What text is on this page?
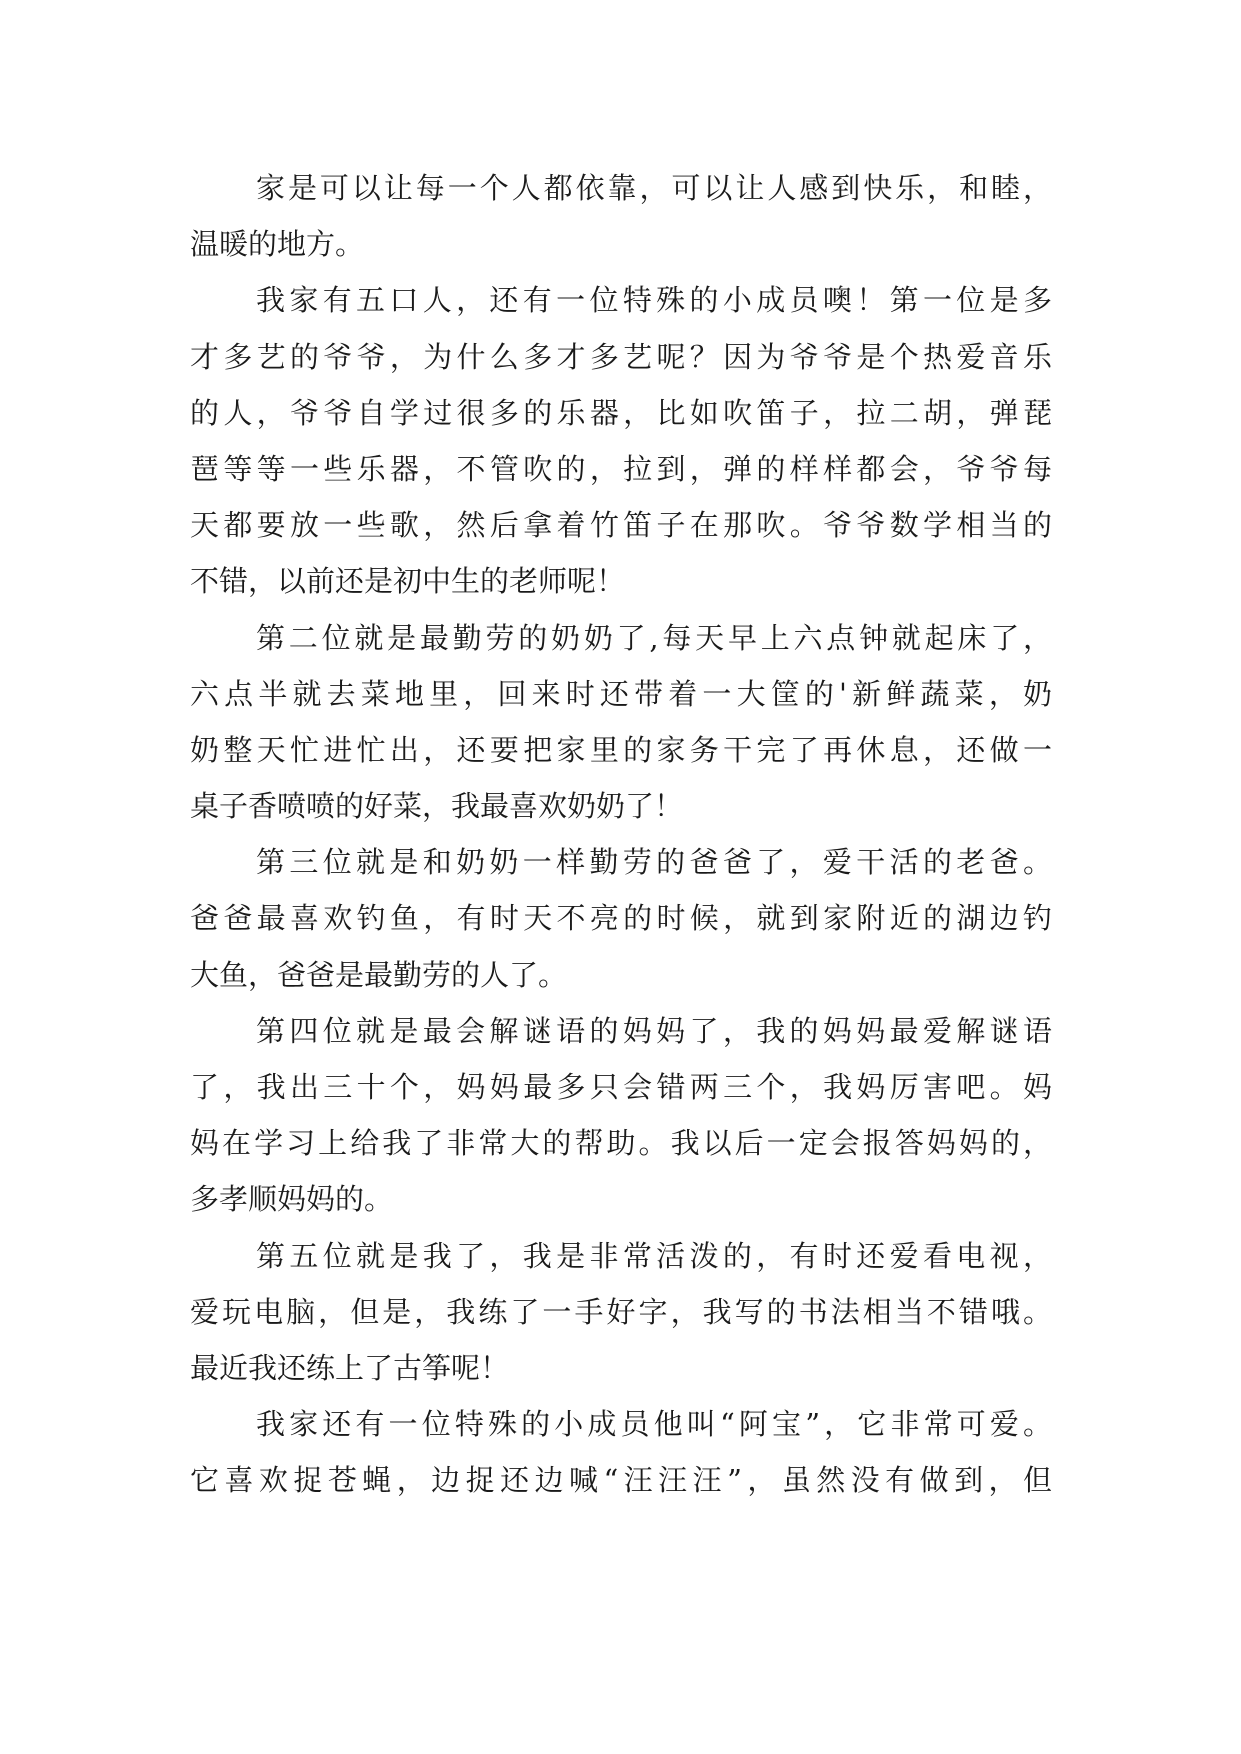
家是可以让每一个人都依靠，可以让人感到快乐，和睦，
温暖的地方。
我家有五口人，还有一位特殊的小成员噢！第一位是多
才多艺的爷爷，为什么多才多艺呢？因为爷爷是个热爱音乐
的人，爷爷自学过很多的乐器，比如吹笛子，拉二胡，弹琵
琶等等一些乐器，不管吹的，拉到，弹的样样都会，爷爷每
天都要放一些歌，然后拿着竹笛子在那吹。爷爷数学相当的
不错，以前还是初中生的老师呢！
第二位就是最勤劳的奶奶了,每天早上六点钟就起床了，
六点半就去菜地里，回来时还带着一大筐的'新鲜蔬菜，奶
奶整天忙进忙出，还要把家里的家务干完了再休息，还做一
桌子香喷喷的好菜，我最喜欢奶奶了！
第三位就是和奶奶一样勤劳的爸爸了，爱干活的老爸。
爸爸最喜欢钓鱼，有时天不亮的时候，就到家附近的湖边钓
大鱼，爸爸是最勤劳的人了。
第四位就是最会解谜语的妈妈了，我的妈妈最爱解谜语
了，我出三十个，妈妈最多只会错两三个，我妈厉害吧。妈
妈在学习上给我了非常大的帮助。我以后一定会报答妈妈的，
多孝顺妈妈的。
第五位就是我了，我是非常活泼的，有时还爱看电视，
爱玩电脑，但是，我练了一手好字，我写的书法相当不错哦。
最近我还练上了古筝呢！
我家还有一位特殊的小成员他叫“阿宝”，它非常可爱。
它喜欢捉苍蝇，边捉还边喊“汪汪汪”，虽然没有做到，但
